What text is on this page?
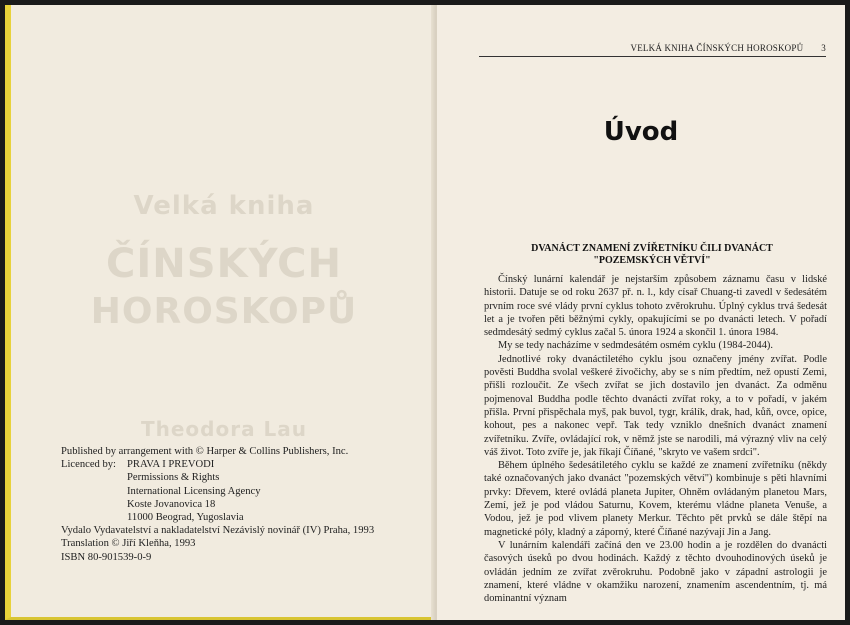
Velká kniha
ČÍNSKÝCH
HOROSKOPŮ
Theodora Lau
Published by arrangement with © Harper & Collins Publishers, Inc.
Licenced by:	PRAVA I PREVODI
Permissions & Rights
International Licensing Agency
Koste Jovanovica 18
11000 Beograd, Yugoslavia
Vydalo Vydavatelství a nakladatelství Nezávislý novinář (IV) Praha, 1993
Translation © Jiří Kleňha, 1993
ISBN 80-901539-0-9
VELKÁ KNIHA ČÍNSKÝCH HOROSKOPŮ 3
Úvod
DVANÁCT ZNAMENÍ ZVÍŘETNÍKU ČILI DVANÁCT
"POZEMSKÝCH VĚTVÍ"

Čínský lunární kalendář je nejstarším způsobem záznamu času v lidské historii. Datuje se od roku 2637 př. n. l., kdy císař Chuang-ti zavedl v šedesátém prvním roce své vlády první cyklus tohoto zvěrokruhu. Úplný cyklus trvá šedesát let a je tvořen pěti běžnými cykly, opakujícími se po dvanácti letech. V pořadí sedmdesátý sedmý cyklus začal 5. února 1924 a skončil 1. února 1984.

My se tedy nacházíme v sedmdesátém osmém cyklu (1984-2044).

Jednotlivé roky dvanáctiletého cyklu jsou označeny jmény zvířat. Podle pověsti Buddha svolal veškeré živočichy, aby se s ním předtím, než opustí Zemi, přišli rozloučit. Ze všech zvířat se jich dostavilo jen dvanáct. Za odměnu pojmenoval Buddha podle těchto dvanácti zvířat roky, a to v pořadí, v jakém přišla. První přispěchala myš, pak buvol, tygr, králík, drak, had, kůň, ovce, opice, kohout, pes a nakonec vepř. Tak tedy vzniklo dnešních dvanáct znamení zvířetníku. Zvíře, ovládající rok, v němž jste se narodili, má výrazný vliv na celý váš život. Toto zvíře je, jak říkají Číňané, "skryto ve vašem srdci".

Během úplného šedesátiletého cyklu se každé ze znamení zvířetníku (někdy také označovaných jako dvanáct "pozemských větví") kombinuje s pěti hlavními prvky: Dřevem, které ovládá planeta Jupiter, Ohněm ovládaným planetou Mars, Zemí, jež je pod vládou Saturnu, Kovem, kterému vládne planeta Venuše, a Vodou, jež je pod vlivem planety Merkur. Těchto pět prvků se dále štěpí na magnetické póly, kladný a záporný, které Číňané nazývají Jin a Jang.

V lunárním kalendáři začíná den ve 23.00 hodin a je rozdělen do dvanácti časových úseků po dvou hodinách. Každý z těchto dvouhodinových úseků je ovládán jedním ze zvířat zvěrokruhu. Podobně jako v západní astrologii je znamení, které vládne v okamžiku narození, znamením ascendentním, tj. má dominantní význam
